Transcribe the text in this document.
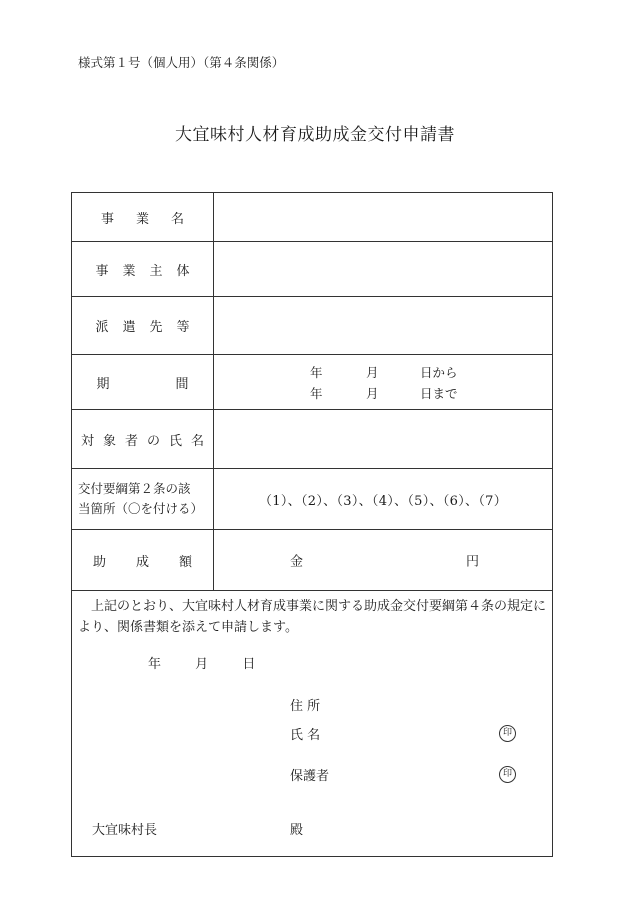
様式第１号（個人用）（第４条関係）
大宜味村人材育成助成金交付申請書
事業名
事業主体
派遣先等
期間
年	月	日から
年	月	日まで
対象者の氏名
交付要綱第２条の該
当箇所（〇を付ける）	（1）、（2）、（3）、（4）、（5）、（6）、（7）
助成額	金	円
上記のとおり、大宜味村人材育成事業に関する助成金交付要綱第４条の規定により、関係書類を添えて申請します。
年	月	日
住 所
氏 名	印
保護者	印
大宜味村長	殿
